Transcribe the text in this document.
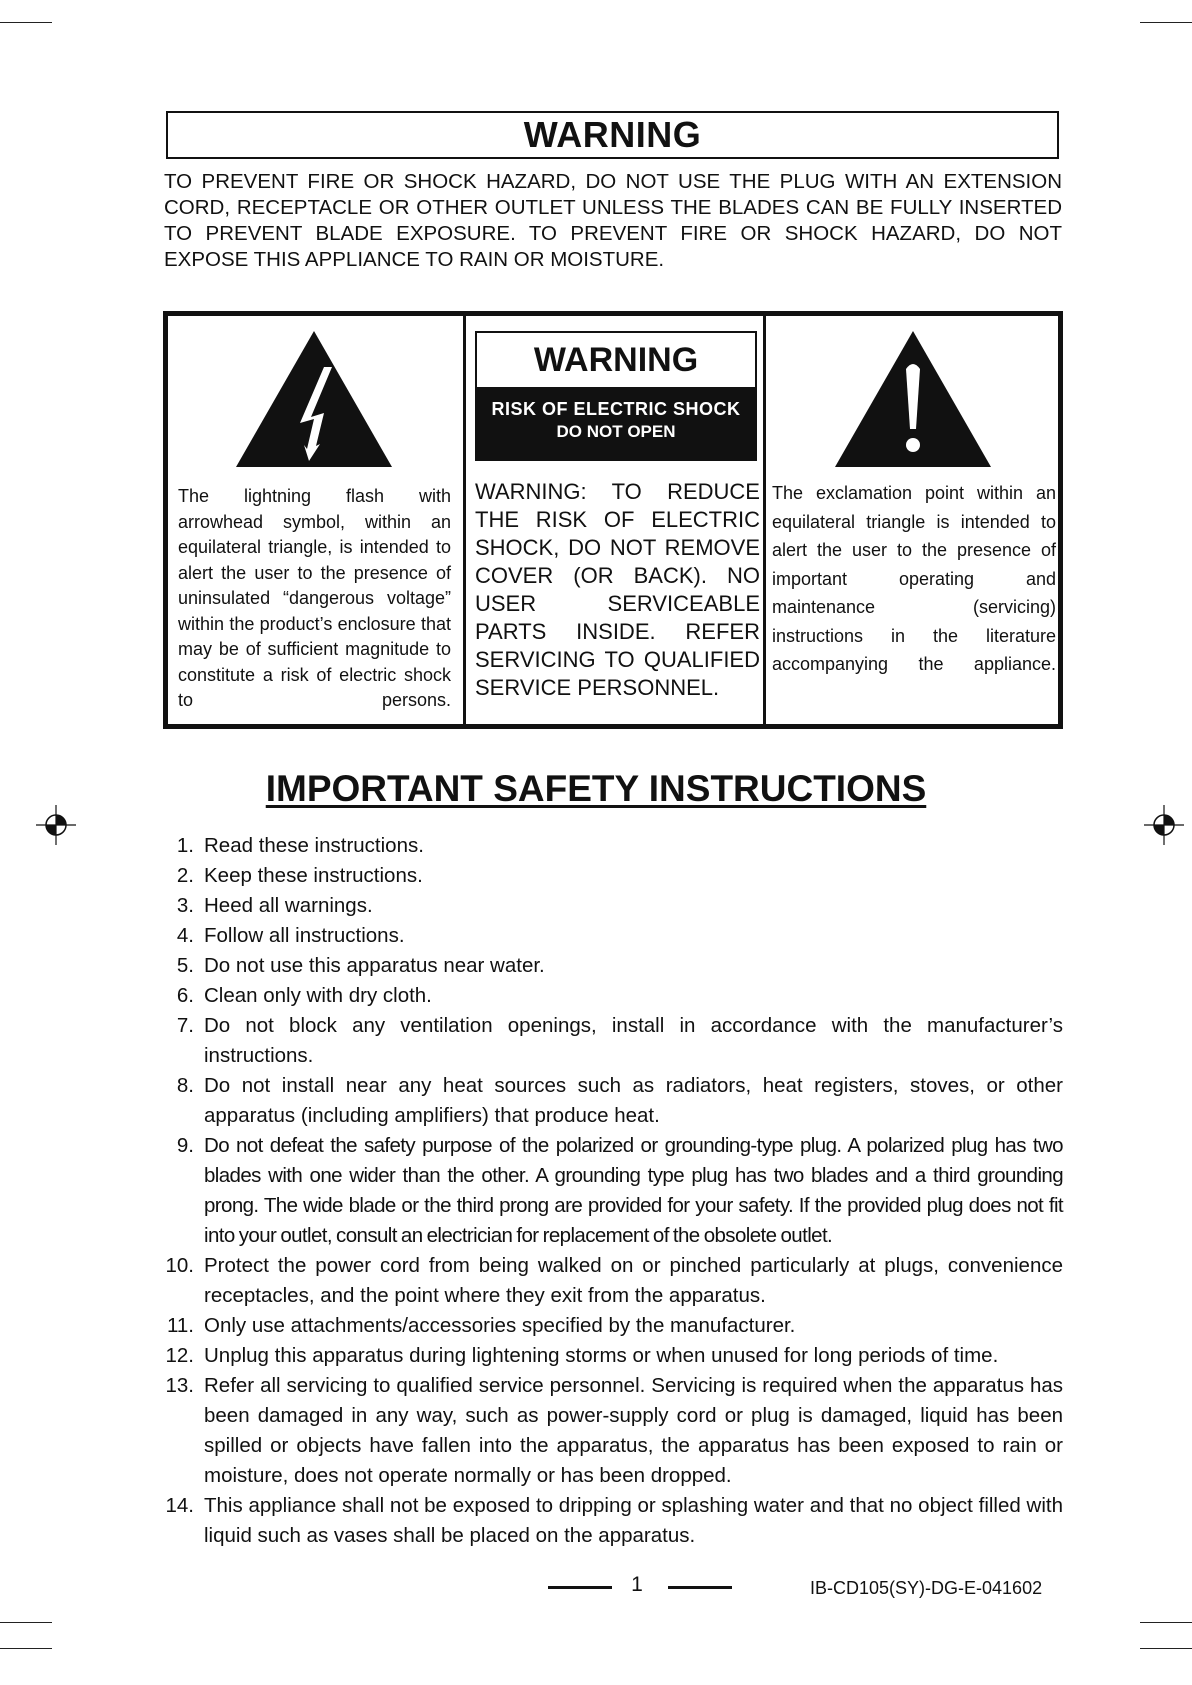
WARNING
TO PREVENT FIRE OR SHOCK HAZARD, DO NOT USE THE PLUG WITH AN EXTENSION CORD, RECEPTACLE OR OTHER OUTLET UNLESS THE BLADES CAN BE FULLY INSERTED TO PREVENT BLADE EXPOSURE. TO PREVENT FIRE OR SHOCK HAZARD, DO NOT EXPOSE THIS APPLIANCE TO RAIN OR MOISTURE.
The lightning flash with arrowhead symbol, within an equilateral triangle, is intended to alert the user to the presence of uninsulated “dangerous voltage” within the product’s enclosure that may be of sufficient magnitude to constitute a risk of electric shock to persons.
WARNING
RISK OF ELECTRIC SHOCK
DO NOT OPEN
WARNING: TO REDUCE THE RISK OF ELECTRIC SHOCK, DO NOT REMOVE COVER (OR BACK). NO USER SERVICEABLE PARTS INSIDE. REFER SERVICING TO QUALIFIED SERVICE PERSONNEL.
The exclamation point within an equilateral triangle is intended to alert the user to the presence of important operating and maintenance (servicing) instructions in the literature accompanying the appliance.
IMPORTANT SAFETY INSTRUCTIONS
1. Read these instructions.
2. Keep these instructions.
3. Heed all warnings.
4. Follow all instructions.
5. Do not use this apparatus near water.
6. Clean only with dry cloth.
7. Do not block any ventilation openings, install in accordance with the manufacturer’s instructions.
8. Do not install near any heat sources such as radiators, heat registers, stoves, or other apparatus (including amplifiers) that produce heat.
9. Do not defeat the safety purpose of the polarized or grounding-type plug. A polarized plug has two blades with one wider than the other. A grounding type plug has two blades and a third grounding prong. The wide blade or the third prong are provided for your safety. If the provided plug does not fit into your outlet, consult an electrician for replacement of the obsolete outlet.
10. Protect the power cord from being walked on or pinched particularly at plugs, convenience receptacles, and the point where they exit from the apparatus.
11. Only use attachments/accessories specified by the manufacturer.
12. Unplug this apparatus during lightening storms or when unused for long periods of time.
13. Refer all servicing to qualified service personnel. Servicing is required when the apparatus has been damaged in any way, such as power-supply cord or plug is damaged, liquid has been spilled or objects have fallen into the apparatus, the apparatus has been exposed to rain or moisture, does not operate normally or has been dropped.
14. This appliance shall not be exposed to dripping or splashing water and that no object filled with liquid such as vases shall be placed on the apparatus.
1	IB-CD105(SY)-DG-E-041602
